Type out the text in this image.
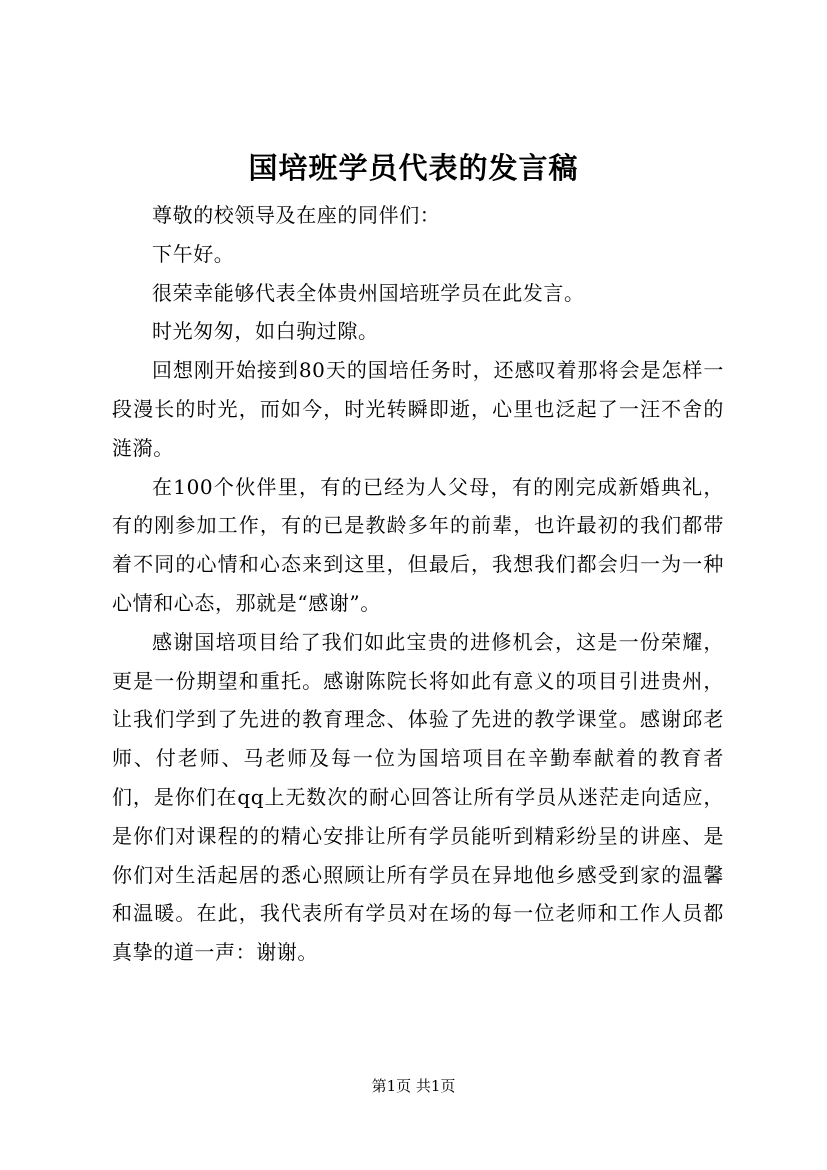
国培班学员代表的发言稿

尊敬的校领导及在座的同伴们：

下午好。

很荣幸能够代表全体贵州国培班学员在此发言。

时光匆匆，如白驹过隙。

回想刚开始接到80天的国培任务时，还感叹着那将会是怎样一段漫长的时光，而如今，时光转瞬即逝，心里也泛起了一汪不舍的涟漪。

在100个伙伴里，有的已经为人父母，有的刚完成新婚典礼，有的刚参加工作，有的已是教龄多年的前辈，也许最初的我们都带着不同的心情和心态来到这里，但最后，我想我们都会归一为一种心情和心态，那就是“感谢”。

感谢国培项目给了我们如此宝贵的进修机会，这是一份荣耀，更是一份期望和重托。感谢陈院长将如此有意义的项目引进贵州，让我们学到了先进的教育理念、体验了先进的教学课堂。感谢邱老师、付老师、马老师及每一位为国培项目在辛勤奉献着的教育者们，是你们在qq上无数次的耐心回答让所有学员从迷茫走向适应，是你们对课程的的精心安排让所有学员能听到精彩纷呈的讲座、是你们对生活起居的悉心照顾让所有学员在异地他乡感受到家的温馨和温暖。在此，我代表所有学员对在场的每一位老师和工作人员都真挚的道一声：谢谢。

第1页 共1页
